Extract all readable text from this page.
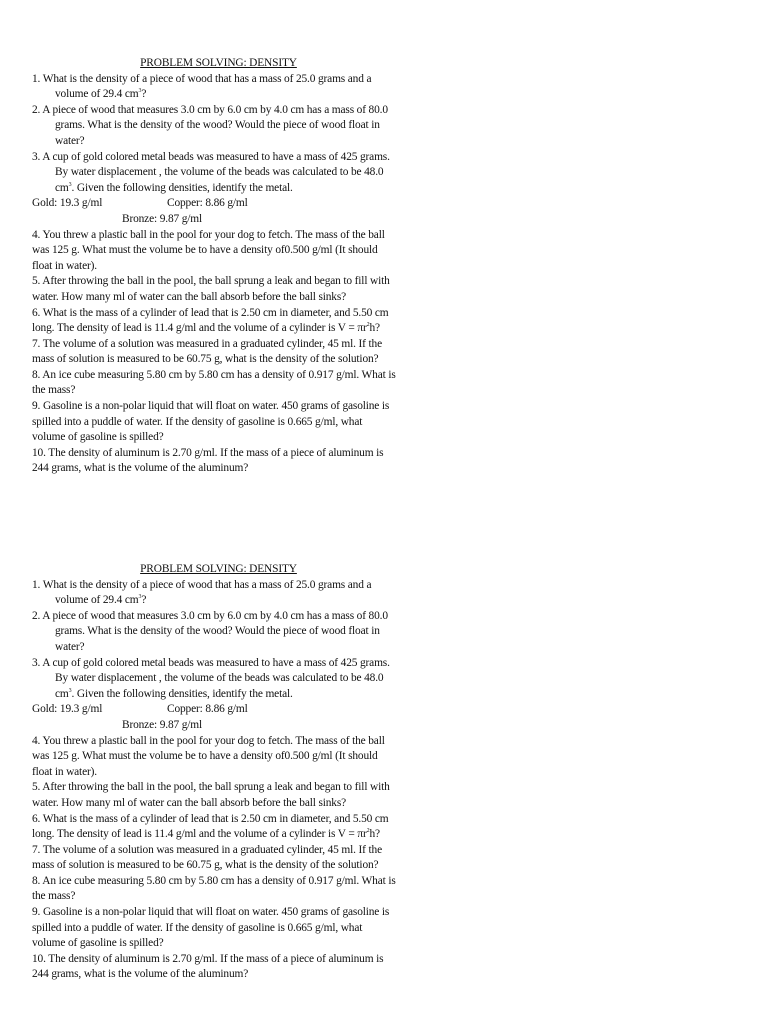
PROBLEM SOLVING: DENSITY

1. What is the density of a piece of wood that has a mass of 25.0 grams and a volume of 29.4 $cm^3$?

2. A piece of wood that measures 3.0 cm by 6.0 cm by 4.0 cm has a mass of 80.0 grams. What is the density of the wood? Would the piece of wood float in water?

3. A cup of gold colored metal beads was measured to have a mass of 425 grams. By water displacement , the volume of the beads was calculated to be 48.0 $cm^3$. Given the following densities, identify the metal.

Gold: 19.3 g/ml	Copper: 8.86 g/ml
Bronze: 9.87 g/ml

4. You threw a plastic ball in the pool for your dog to fetch. The mass of the ball was 125 g. What must the volume be to have a density of0.500 g/ml (It should float in water).

5. After throwing the ball in the pool, the ball sprung a leak and began to fill with water. How many ml of water can the ball absorb before the ball sinks?

6. What is the mass of a cylinder of lead that is 2.50 cm in diameter, and 5.50 cm long. The density of lead is 11.4 g/ml and the volume of a cylinder is $V = \pi r^2h$?

7. The volume of a solution was measured in a graduated cylinder, 45 ml. If the mass of solution is measured to be 60.75 g, what is the density of the solution?

8. An ice cube measuring 5.80 cm by 5.80 cm has a density of 0.917 g/ml. What is the mass?

9. Gasoline is a non-polar liquid that will float on water. 450 grams of gasoline is spilled into a puddle of water. If the density of gasoline is 0.665 g/ml, what volume of gasoline is spilled?

10. The density of aluminum is 2.70 g/ml. If the mass of a piece of aluminum is 244 grams, what is the volume of the aluminum?

PROBLEM SOLVING: DENSITY

1. What is the density of a piece of wood that has a mass of 25.0 grams and a volume of 29.4 $cm^3$?

2. A piece of wood that measures 3.0 cm by 6.0 cm by 4.0 cm has a mass of 80.0 grams. What is the density of the wood? Would the piece of wood float in water?

3. A cup of gold colored metal beads was measured to have a mass of 425 grams. By water displacement , the volume of the beads was calculated to be 48.0 $cm^3$. Given the following densities, identify the metal.

Gold: 19.3 g/ml	Copper: 8.86 g/ml
Bronze: 9.87 g/ml

4. You threw a plastic ball in the pool for your dog to fetch. The mass of the ball was 125 g. What must the volume be to have a density of0.500 g/ml (It should float in water).

5. After throwing the ball in the pool, the ball sprung a leak and began to fill with water. How many ml of water can the ball absorb before the ball sinks?

6. What is the mass of a cylinder of lead that is 2.50 cm in diameter, and 5.50 cm long. The density of lead is 11.4 g/ml and the volume of a cylinder is $V = \pi r^2h$?

7. The volume of a solution was measured in a graduated cylinder, 45 ml. If the mass of solution is measured to be 60.75 g, what is the density of the solution?

8. An ice cube measuring 5.80 cm by 5.80 cm has a density of 0.917 g/ml. What is the mass?

9. Gasoline is a non-polar liquid that will float on water. 450 grams of gasoline is spilled into a puddle of water. If the density of gasoline is 0.665 g/ml, what volume of gasoline is spilled?

10. The density of aluminum is 2.70 g/ml. If the mass of a piece of aluminum is 244 grams, what is the volume of the aluminum?
